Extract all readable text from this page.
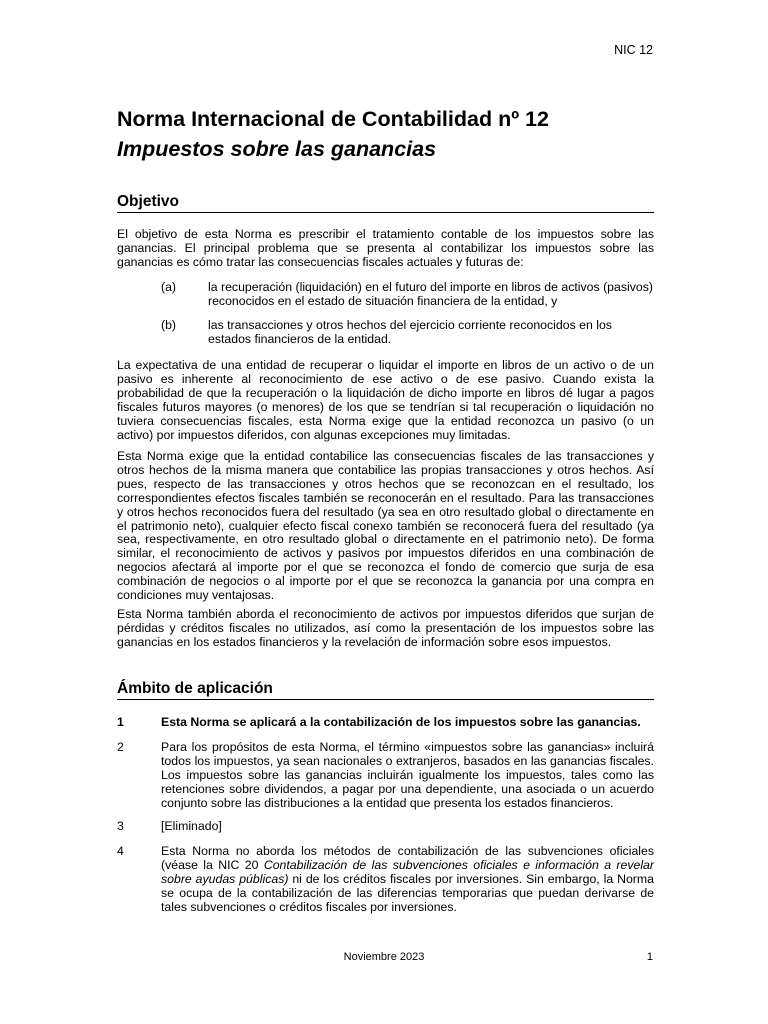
NIC 12

Norma Internacional de Contabilidad nº 12

Impuestos sobre las ganancias

Objetivo

El objetivo de esta Norma es prescribir el tratamiento contable de los impuestos sobre las ganancias. El principal problema que se presenta al contabilizar los impuestos sobre las ganancias es cómo tratar las consecuencias fiscales actuales y futuras de:

(a)	la recuperación (liquidación) en el futuro del importe en libros de activos (pasivos) reconocidos en el estado de situación financiera de la entidad, y
(b)	las transacciones y otros hechos del ejercicio corriente reconocidos en los estados financieros de la entidad.

La expectativa de una entidad de recuperar o liquidar el importe en libros de un activo o de un pasivo es inherente al reconocimiento de ese activo o de ese pasivo. Cuando exista la probabilidad de que la recuperación o la liquidación de dicho importe en libros dé lugar a pagos fiscales futuros mayores (o menores) de los que se tendrían si tal recuperación o liquidación no tuviera consecuencias fiscales, esta Norma exige que la entidad reconozca un pasivo (o un activo) por impuestos diferidos, con algunas excepciones muy limitadas.

Esta Norma exige que la entidad contabilice las consecuencias fiscales de las transacciones y otros hechos de la misma manera que contabilice las propias transacciones y otros hechos. Así pues, respecto de las transacciones y otros hechos que se reconozcan en el resultado, los correspondientes efectos fiscales también se reconocerán en el resultado. Para las transacciones y otros hechos reconocidos fuera del resultado (ya sea en otro resultado global o directamente en el patrimonio neto), cualquier efecto fiscal conexo también se reconocerá fuera del resultado (ya sea, respectivamente, en otro resultado global o directamente en el patrimonio neto). De forma similar, el reconocimiento de activos y pasivos por impuestos diferidos en una combinación de negocios afectará al importe por el que se reconozca el fondo de comercio que surja de esa combinación de negocios o al importe por el que se reconozca la ganancia por una compra en condiciones muy ventajosas.

Esta Norma también aborda el reconocimiento de activos por impuestos diferidos que surjan de pérdidas y créditos fiscales no utilizados, así como la presentación de los impuestos sobre las ganancias en los estados financieros y la revelación de información sobre esos impuestos.

Ámbito de aplicación
1	Esta Norma se aplicará a la contabilización de los impuestos sobre las ganancias.
2	Para los propósitos de esta Norma, el término «impuestos sobre las ganancias» incluirá todos los impuestos, ya sean nacionales o extranjeros, basados en las ganancias fiscales. Los impuestos sobre las ganancias incluirán igualmente los impuestos, tales como las retenciones sobre dividendos, a pagar por una dependiente, una asociada o un acuerdo conjunto sobre las distribuciones a la entidad que presenta los estados financieros.
3	[Eliminado]
4	Esta Norma no aborda los métodos de contabilización de las subvenciones oficiales (véase la NIC 20 Contabilización de las subvenciones oficiales e información a revelar sobre ayudas públicas) ni de los créditos fiscales por inversiones. Sin embargo, la Norma se ocupa de la contabilización de las diferencias temporarias que puedan derivarse de tales subvenciones o créditos fiscales por inversiones.
Noviembre 2023	1
